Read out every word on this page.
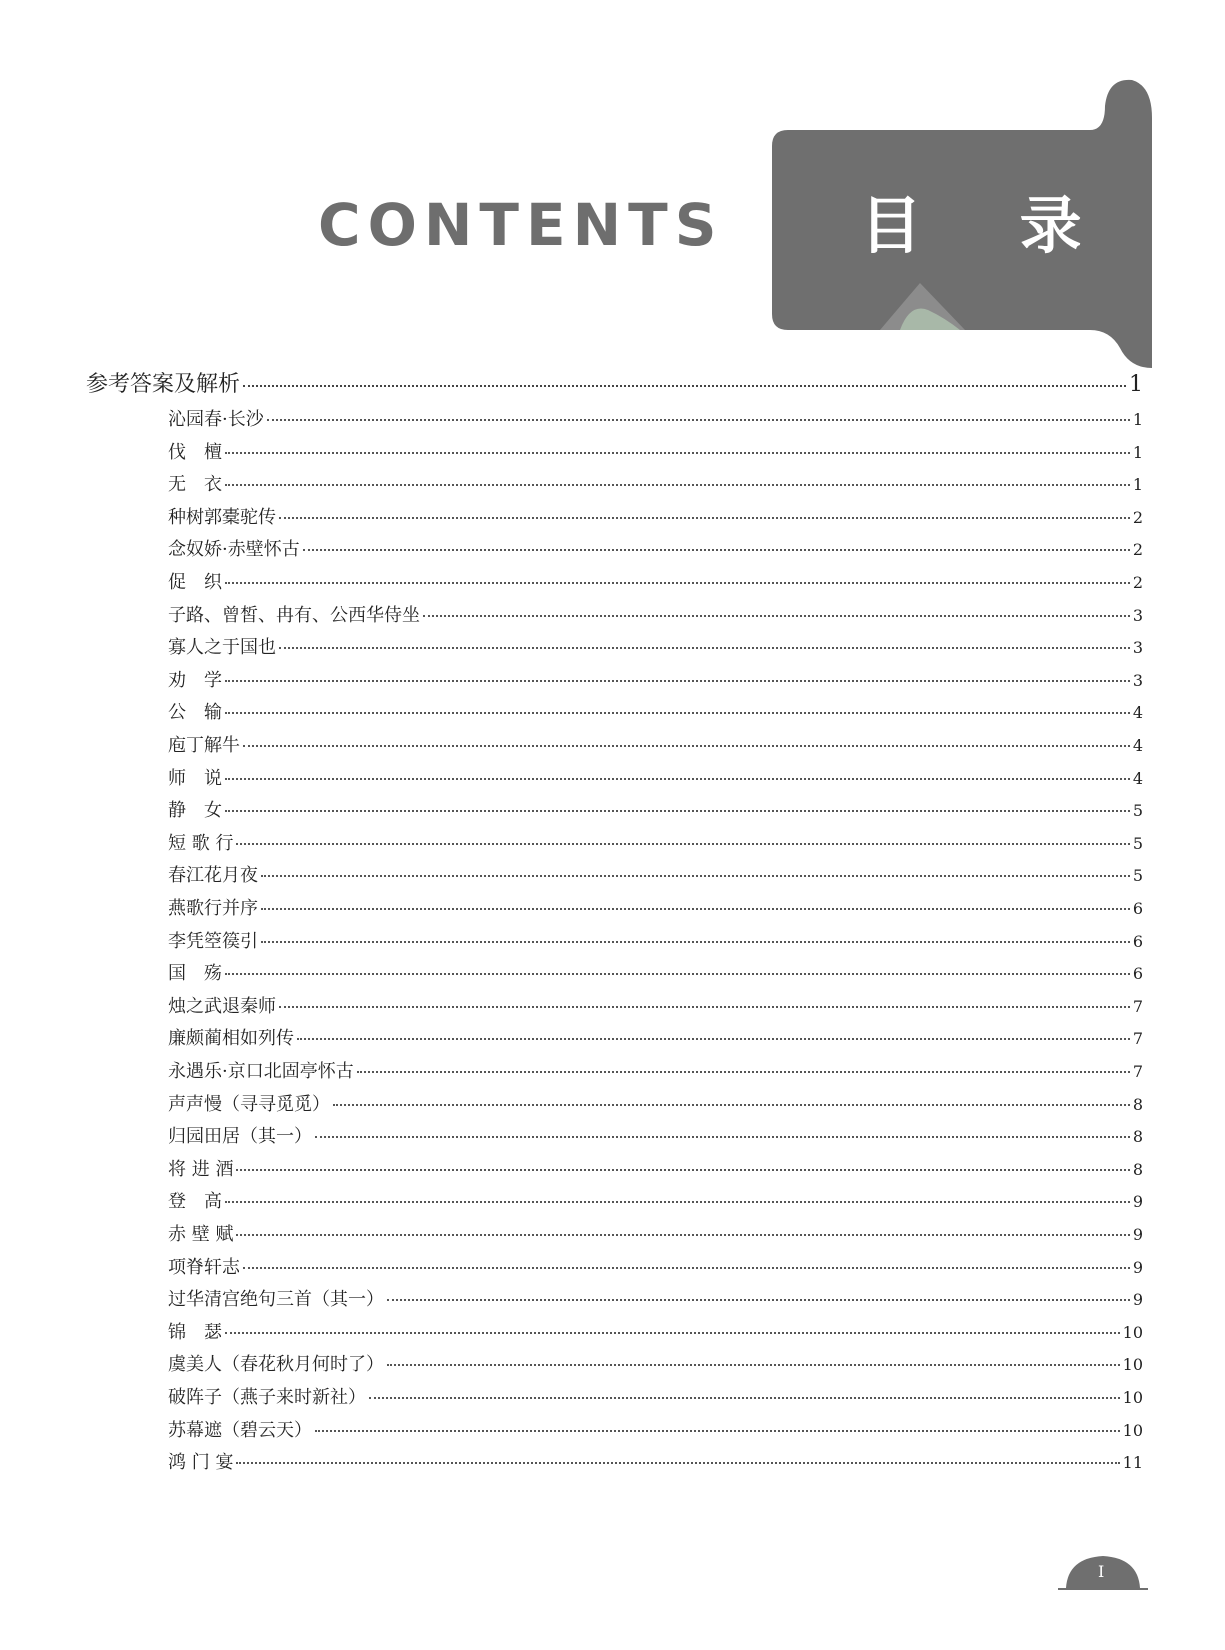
CONTENTS 目 录
参考答案及解析	1
沁园春·长沙	1
伐　檀	1
无　衣	1
种树郭橐驼传	2
念奴娇·赤壁怀古	2
促　织	2
子路、曾皙、冉有、公西华侍坐	3
寡人之于国也	3
劝　学	3
公　输	4
庖丁解牛	4
师　说	4
静　女	5
短 歌 行	5
春江花月夜	5
燕歌行并序	6
李凭箜篌引	6
国　殇	6
烛之武退秦师	7
廉颇蔺相如列传	7
永遇乐·京口北固亭怀古	7
声声慢（寻寻觅觅）	8
归园田居（其一）	8
将 进 酒	8
登　高	9
赤 壁 赋	9
项脊轩志	9
过华清宫绝句三首（其一）	9
锦　瑟	10
虞美人（春花秋月何时了）	10
破阵子（燕子来时新社）	10
苏幕遮（碧云天）	10
鸿 门 宴	11
Ⅰ
